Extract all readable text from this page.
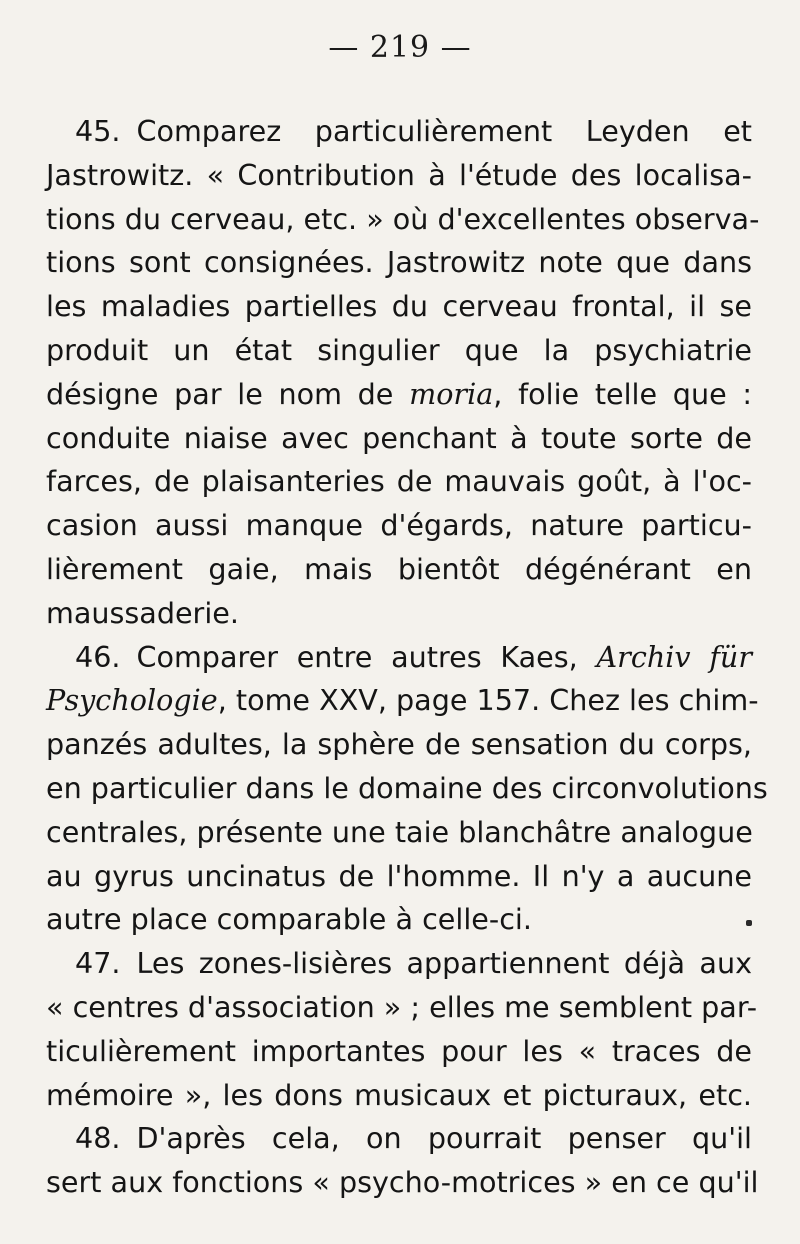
— 219 —
45. Comparez particulièrement Leyden et
Jastrowitz. « Contribution à l'étude des localisa-
tions du cerveau, etc. » où d'excellentes observa-
tions sont consignées. Jastrowitz note que dans
les maladies partielles du cerveau frontal, il se
produit un état singulier que la psychiatrie
désigne par le nom de moria, folie telle que :
conduite niaise avec penchant à toute sorte de
farces, de plaisanteries de mauvais goût, à l'oc-
casion aussi manque d'égards, nature particu-
lièrement gaie, mais bientôt dégénérant en
maussaderie.
46. Comparer entre autres Kaes, Archiv für
Psychologie, tome XXV, page 157. Chez les chim-
panzés adultes, la sphère de sensation du corps,
en particulier dans le domaine des circonvolutions
centrales, présente une taie blanchâtre analogue
au gyrus uncinatus de l'homme. Il n'y a aucune
autre place comparable à celle-ci.
47. Les zones-lisières appartiennent déjà aux
« centres d'association » ; elles me semblent par-
ticulièrement importantes pour les « traces de
mémoire », les dons musicaux et picturaux, etc.
48. D'après cela, on pourrait penser qu'il
sert aux fonctions « psycho-motrices » en ce qu'il
